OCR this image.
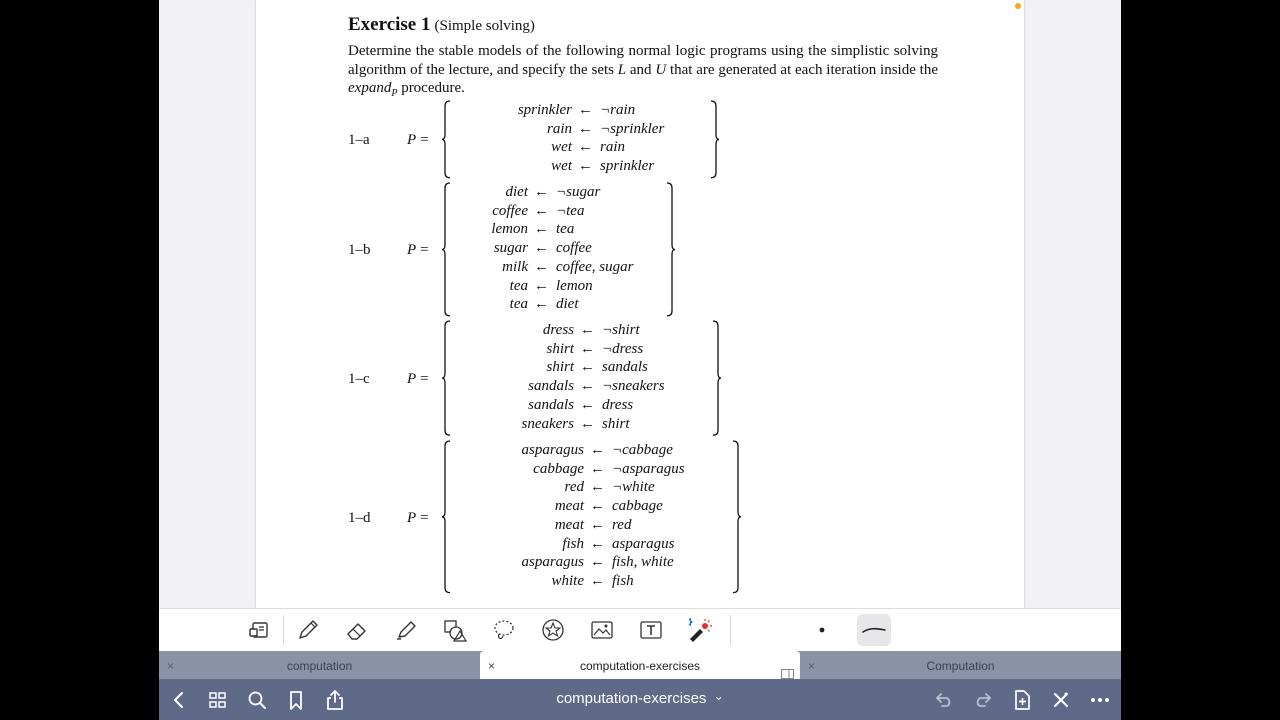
Exercise 1 (Simple solving)
Determine the stable models of the following normal logic programs using the simplistic solving algorithm of the lecture, and specify the sets L and U that are generated at each iteration inside the expand$_P$ procedure.
1–a P =
sprinkler ← ¬rain
rain ← ¬sprinkler
wet ← rain
wet ← sprinkler
1–b P =
diet ← ¬sugar
coffee ← ¬tea
lemon ← tea
sugar ← coffee
milk ← coffee, sugar
tea ← lemon
tea ← diet
1–c P =
dress ← ¬shirt
shirt ← ¬dress
shirt ← sandals
sandals ← ¬sneakers
sandals ← dress
sneakers ← shirt
1–d P =
asparagus ← ¬cabbage
cabbage ← ¬asparagus
red ← ¬white
meat ← cabbage
meat ← red
fish ← asparagus
asparagus ← fish, white
white ← fish
×	computation	×	computation-exercises	×	Computation
computation-exercises ⌄
